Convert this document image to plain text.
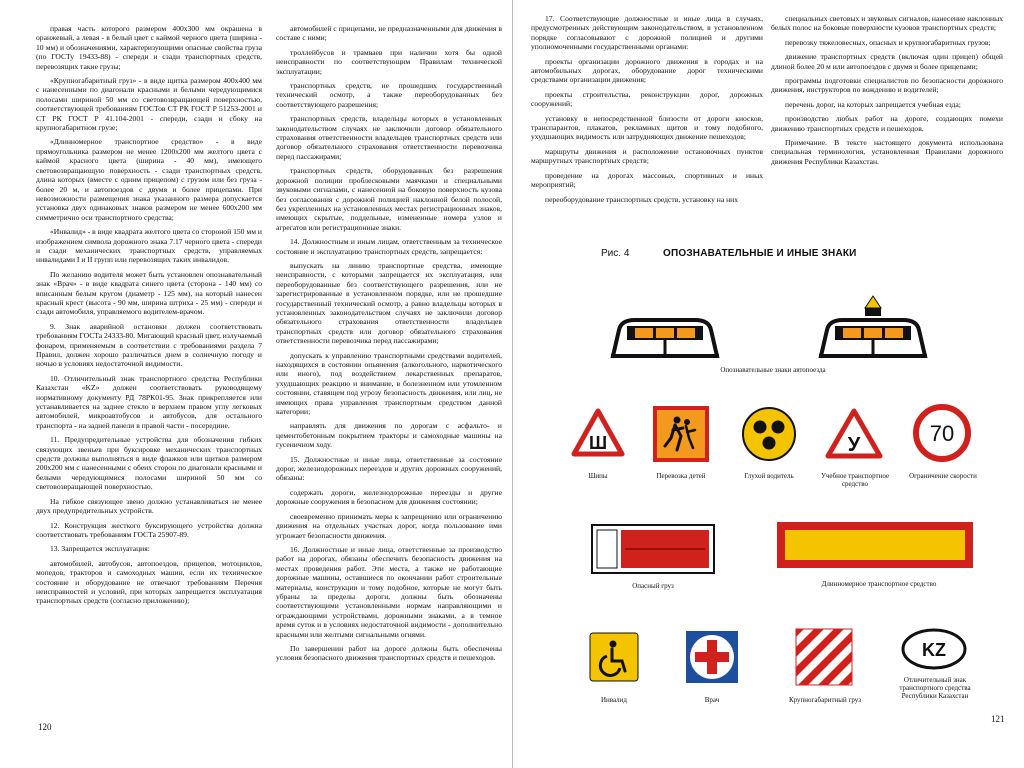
правая часть которого размером 400x300 мм окрашена в оранжевый, а левая - в белый цвет с каймой черного цвета (ширина - 10 мм) и обозначениями, характеризующими опасные свойства груза (по ГОСТу 19433-88) - спереди и сзади транспортных средств, перевозящих такие грузы;

«Крупногабаритный груз» - в виде щитка размером 400x400 мм с нанесенными по диагонали красными и белыми чередующимися полосами шириной 50 мм со световозвращающей поверхностью, соответствующей требованиям ГОСТов СТ РК ГОСТ Р 51253-2001 и СТ РК ГОСТ Р 41.104-2001 - спереди, сзади и сбоку на крупногабаритном грузе;

«Длинномерное транспортное средство» - в виде прямоугольника размером не менее 1200x200 мм желтого цвета с каймой красного цвета (ширина - 40 мм), имеющего световозвращающую поверхность - сзади транспортных средств, длина которых (вместе с одним прицепом) с грузом или без груза - более 20 м, и автопоездов с двумя и более прицепами. При невозможности размещения знака указанного размера допускается установка двух одинаковых знаков размером не менее 600x200 мм симметрично оси транспортного средства;

«Инвалид» - в виде квадрата желтого цвета со стороной 150 мм и изображением символа дорожного знака 7.17 черного цвета - спереди и сзади механических транспортных средств, управляемых инвалидами I и II групп или перевозящих таких инвалидов.

По желанию водителя может быть установлен опознавательный знак «Врач» - в виде квадрата синего цвета (сторона - 140 мм) со вписанным белым кругом (диаметр - 125 мм), на который нанесен красный крест (высота - 90 мм, ширина штриха - 25 мм) - спереди и сзади автомобиля, управляемого водителем-врачом.

9. Знак аварийной остановки должен соответствовать требованиям ГОСТа 24333-80. Мигающий красный цвет, излучаемый фонарем, применяемым в соответствии с требованиями раздела 7 Правил, должен хорошо различаться днем в солнечную погоду и ночью в условиях недостаточной видимости.

10. Отличительный знак транспортного средства Республики Казахстан «KZ» должен соответствовать руководящему нормативному документу РД 78РК01-95. Знак прикрепляется или устанавливается на заднее стекло в верхнем правом углу легковых автомобилей, микроавтобусов и автобусов, для остального транспорта - на задней панели в правой части - посередине.

11. Предупредительные устройства для обозначения гибких связующих звеньев при буксировке механических транспортных средств должны выполняться в виде флажков или щитков размером 200x200 мм с нанесенными с обеих сторон по диагонали красными и белыми чередующимися полосами шириной 50 мм со световозвращающей поверхностью.

На гибкое связующее звено должно устанавливаться не менее двух предупредительных устройств.

12. Конструкция жесткого буксирующего устройства должна соответствовать требованиям ГОСТа 25907-89.

13. Запрещается эксплуатация:

автомобилей, автобусов, автопоездов, прицепов, мотоциклов, мопедов, тракторов и самоходных машин, если их техническое состояние и оборудование не отвечают требованиям Перечня неисправностей и условий, при которых запрещается эксплуатация транспортных средств (согласно приложению);

автомобилей с прицепами, не предназначенными для движения в составе с ними;

троллейбусов и трамваев при наличии хотя бы одной неисправности по соответствующим Правилам технической эксплуатации;

транспортных средств, не прошедших государственный технический осмотр, а также переоборудованных без соответствующего разрешения;

транспортных средств, владельцы которых в установленных законодательством случаях не заключили договор обязательного страхования ответственности владельцев транспортных средств или договор обязательного страхования ответственности перевозчика перед пассажирами;

транспортных средств, оборудованных без разрешения дорожной полиции проблесковыми маячками и специальными звуковыми сигналами, с нанесенной на боковую поверхность кузова без согласования с дорожной полицией наклонной белой полосой, без укрепленных на установленных местах регистрационных знаков, имеющих скрытые, поддельные, измененные номера узлов и агрегатов или регистрационные знаки.

14. Должностным и иным лицам, ответственным за техническое состояние и эксплуатацию транспортных средств, запрещается:

выпускать на линию транспортные средства, имеющие неисправности, с которыми запрещается их эксплуатация, или переоборудованные без соответствующего разрешения, или не зарегистрированные в установленном порядке, или не прошедшие государственный технический осмотр, а равно владельцы которых в установленных законодательством случаях не заключили договор обязательного страхования ответственности владельцев транспортных средств или договор обязательного страхования ответственности перевозчика перед пассажирами;

допускать к управлению транспортными средствами водителей, находящихся в состоянии опьянения (алкогольного, наркотического или иного), под воздействием лекарственных препаратов, ухудшающих реакцию и внимание, в болезненном или утомленном состоянии, ставящем под угрозу безопасность движения, или лиц, не имеющих права управления транспортным средством данной категории;

направлять для движения по дорогам с асфальто- и цементобетонным покрытием тракторы и самоходные машины на гусеничном ходу.

15. Должностные и иные лица, ответственные за состояние дорог, железнодорожных переездов и других дорожных сооружений, обязаны:

содержать дороги, железнодорожные переезды и другие дорожные сооружения в безопасном для движения состоянии;

своевременно принимать меры к запрещению или ограничению движения на отдельных участках дорог, когда пользование ими угрожает безопасности движения.

16. Должностные и иные лица, ответственные за производство работ на дорогах, обязаны обеспечить безопасность движения на местах проведения работ. Эти места, а также не работающие дорожные машины, оставшиеся по окончании работ строительные материалы, конструкции и тому подобное, которые не могут быть убраны за пределы дороги, должны быть обозначены соответствующими установленными нормам направляющими и ограждающими устройствами, дорожными знаками, а в темное время суток и в условиях недостаточной видимости - дополнительно красными или желтыми сигнальными огнями.

По завершении работ на дороге должны быть обеспечены условия безопасного движения транспортных средств и пешеходов.

120

17. Соответствующие должностные и иные лица в случаях, предусмотренных действующим законодательством, в установленном порядке согласовывают с дорожной полицией и другими уполномоченными государственными органами:

проекты организации дорожного движения в городах и на автомобильных дорогах, оборудование дорог техническими средствами организации движения;

проекты строительства, реконструкции дорог, дорожных сооружений;

установку в непосредственной близости от дороги киосков, транспарантов, плакатов, рекламных щитов и тому подобного, ухудшающих видимость или затрудняющих движение пешеходов;

маршруты движения и расположение остановочных пунктов маршрутных транспортных средств;

проведение на дорогах массовых, спортивных и иных мероприятий;

переоборудование транспортных средств, установку на них

специальных световых и звуковых сигналов, нанесение наклонных белых полос на боковые поверхности кузовов транспортных средств;

перевозку тяжеловесных, опасных и крупногабаритных грузов;

движение транспортных средств (включая один прицеп) общей длиной более 20 м или автопоездов с двумя и более прицепами;

программы подготовки специалистов по безопасности дорожного движения, инструкторов по вождению и водителей;

перечень дорог, на которых запрещается учебная езда;

производство любых работ на дороге, создающих помехи движению транспортных средств и пешеходов.

Примечание. В тексте настоящего документа использована специальная терминология, установленная Правилами дорожного движения Республики Казахстан.

Рис. 4	ОПОЗНАВАТЕЛЬНЫЕ И ИНЫЕ ЗНАКИ
Опознавательные знаки автопоезда
Ш
Шипы	Перевозка детей	Глухой водитель
У
Учебное транспортное средство
70
Ограничение скорости
Опасный груз	Длинномерное транспортное средство
Инвалид	Врач	Крупногабаритный груз
KZ
Отличительный знак транспортного средства Республики Казахстан
121
